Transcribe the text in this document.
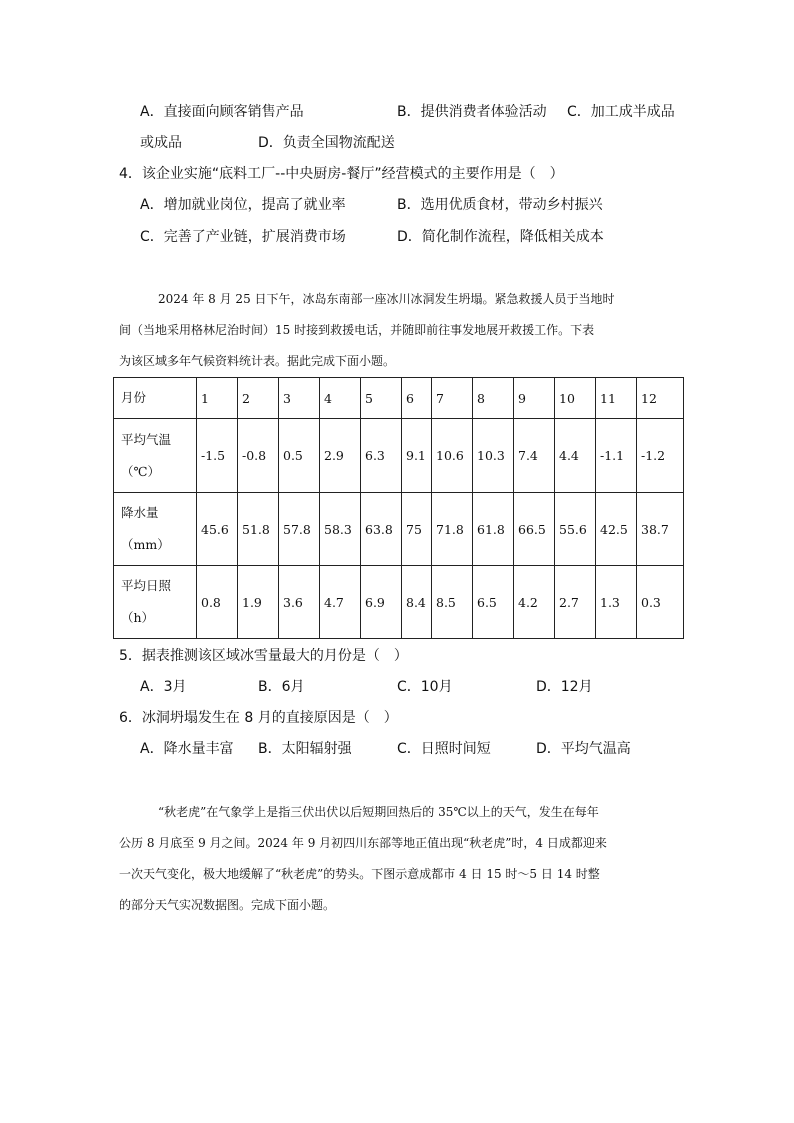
A．直接面向顾客销售产品	B．提供消费者体验活动 C．加工成半成品
或成品	D．负责全国物流配送
4．该企业实施“底料工厂--中央厨房-餐厅”经营模式的主要作用是（　）
A．增加就业岗位，提高了就业率	B．选用优质食材，带动乡村振兴
C．完善了产业链，扩展消费市场	D．简化制作流程，降低相关成本
2024 年 8 月 25 日下午，冰岛东南部一座冰川冰洞发生坍塌。紧急救援人员于当地时
间（当地采用格林尼治时间）15 时接到救援电话，并随即前往事发地展开救援工作。下表
为该区域多年气候资料统计表。据此完成下面小题。
月份	1	2	3	4	5	6	7	8	9	10	11	12

平均气温
（℃）	-1.5	-0.8	0.5	2.9	6.3	9.1	10.6	10.3	7.4	4.4	-1.1	-1.2

降水量
（mm）	45.6	51.8	57.8	58.3	63.8	75	71.8	61.8	66.5	55.6	42.5	38.7

平均日照
（h）	0.8	1.9	3.6	4.7	6.9	8.4	8.5	6.5	4.2	2.7	1.3	0.3
5．据表推测该区域冰雪量最大的月份是（　）
A．3月	B．6月	C．10月	D．12月
6．冰洞坍塌发生在 8 月的直接原因是（　）
A．降水量丰富 B．太阳辐射强	C．日照时间短	D．平均气温高
“秋老虎”在气象学上是指三伏出伏以后短期回热后的 35℃以上的天气，发生在每年
公历 8 月底至 9 月之间。2024 年 9 月初四川东部等地正值出现“秋老虎”时，4 日成都迎来
一次天气变化，极大地缓解了“秋老虎”的势头。下图示意成都市 4 日 15 时～5 日 14 时整
的部分天气实况数据图。完成下面小题。
